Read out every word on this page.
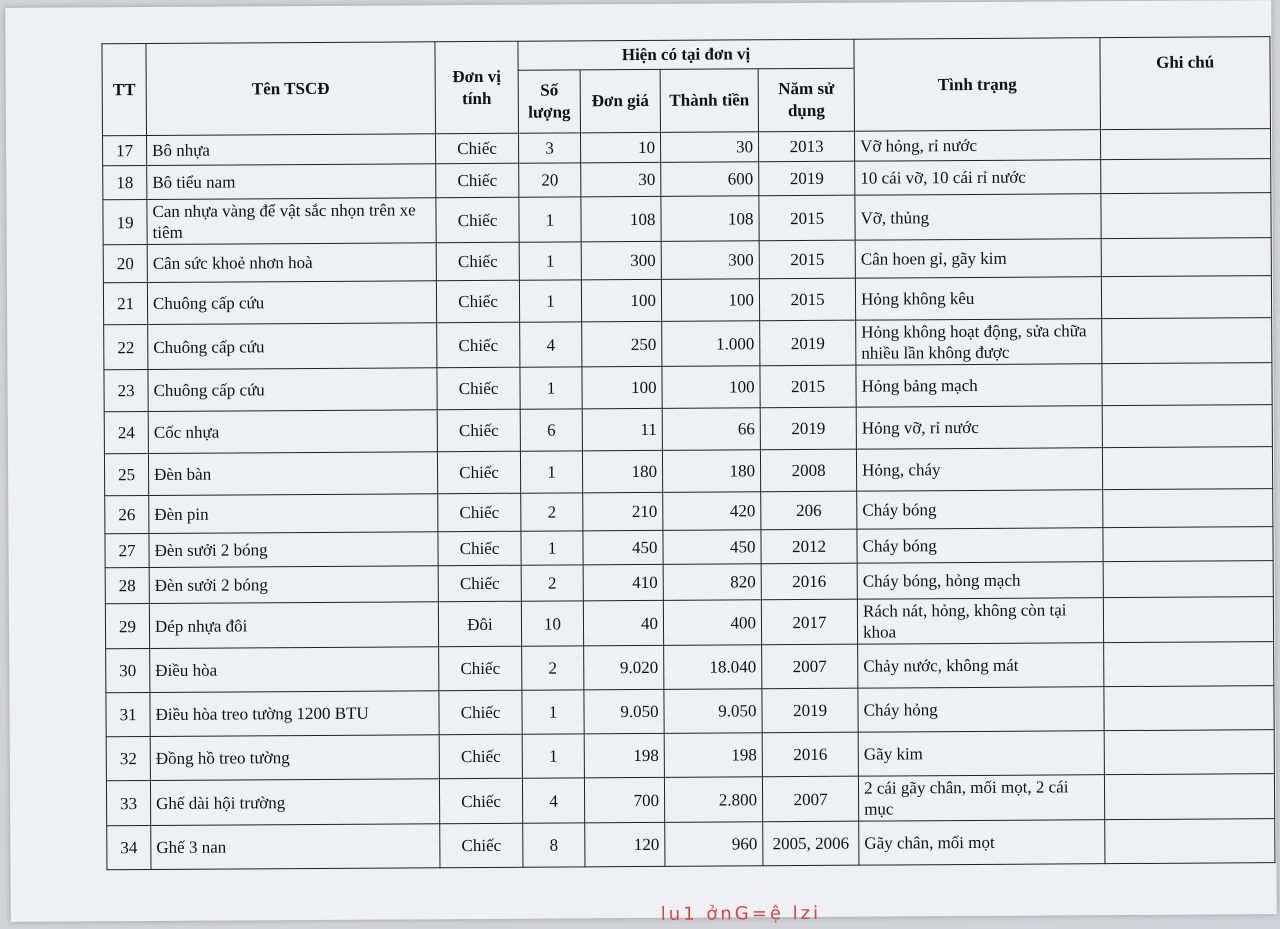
TT	Tên TSCĐ	Đơn vị tính	Hiện có tại đơn vị				Tình trạng	Ghi chú
			Số lượng	Đơn giá	Thành tiền	Năm sử dụng		
17	Bô nhựa	Chiếc	3	10	30	2013	Vỡ hỏng, rỉ nước	
18	Bô tiểu nam	Chiếc	20	30	600	2019	10 cái vỡ, 10 cái rỉ nước	
19	Can nhựa vàng để vật sắc nhọn trên xe tiêm	Chiếc	1	108	108	2015	Vỡ, thủng	
20	Cân sức khoẻ nhơn hoà	Chiếc	1	300	300	2015	Cân hoen gỉ, gãy kim	
21	Chuông cấp cứu	Chiếc	1	100	100	2015	Hỏng không kêu	
22	Chuông cấp cứu	Chiếc	4	250	1.000	2019	Hỏng không hoạt động, sửa chữa nhiều lần không được	
23	Chuông cấp cứu	Chiếc	1	100	100	2015	Hỏng bảng mạch	
24	Cốc nhựa	Chiếc	6	11	66	2019	Hỏng vỡ, rỉ nước	
25	Đèn bàn	Chiếc	1	180	180	2008	Hỏng, cháy	
26	Đèn pin	Chiếc	2	210	420	206	Cháy bóng	
27	Đèn sưởi 2 bóng	Chiếc	1	450	450	2012	Cháy bóng	
28	Đèn sưởi 2 bóng	Chiếc	2	410	820	2016	Cháy bóng, hỏng mạch	
29	Dép nhựa đôi	Đôi	10	40	400	2017	Rách nát, hỏng, không còn tại khoa	
30	Điều hòa	Chiếc	2	9.020	18.040	2007	Chảy nước, không mát	
31	Điều hòa treo tường 1200 BTU	Chiếc	1	9.050	9.050	2019	Cháy hỏng	
32	Đồng hồ treo tường	Chiếc	1	198	198	2016	Gãy kim	
33	Ghế dài hội trường	Chiếc	4	700	2.800	2007	2 cái gãy chân, mối mọt, 2 cái mục	
34	Ghế 3 nan	Chiếc	8	120	960	2005, 2006	Gãy chân, mối mọt	
lu1 ởnG=ệ lzi
